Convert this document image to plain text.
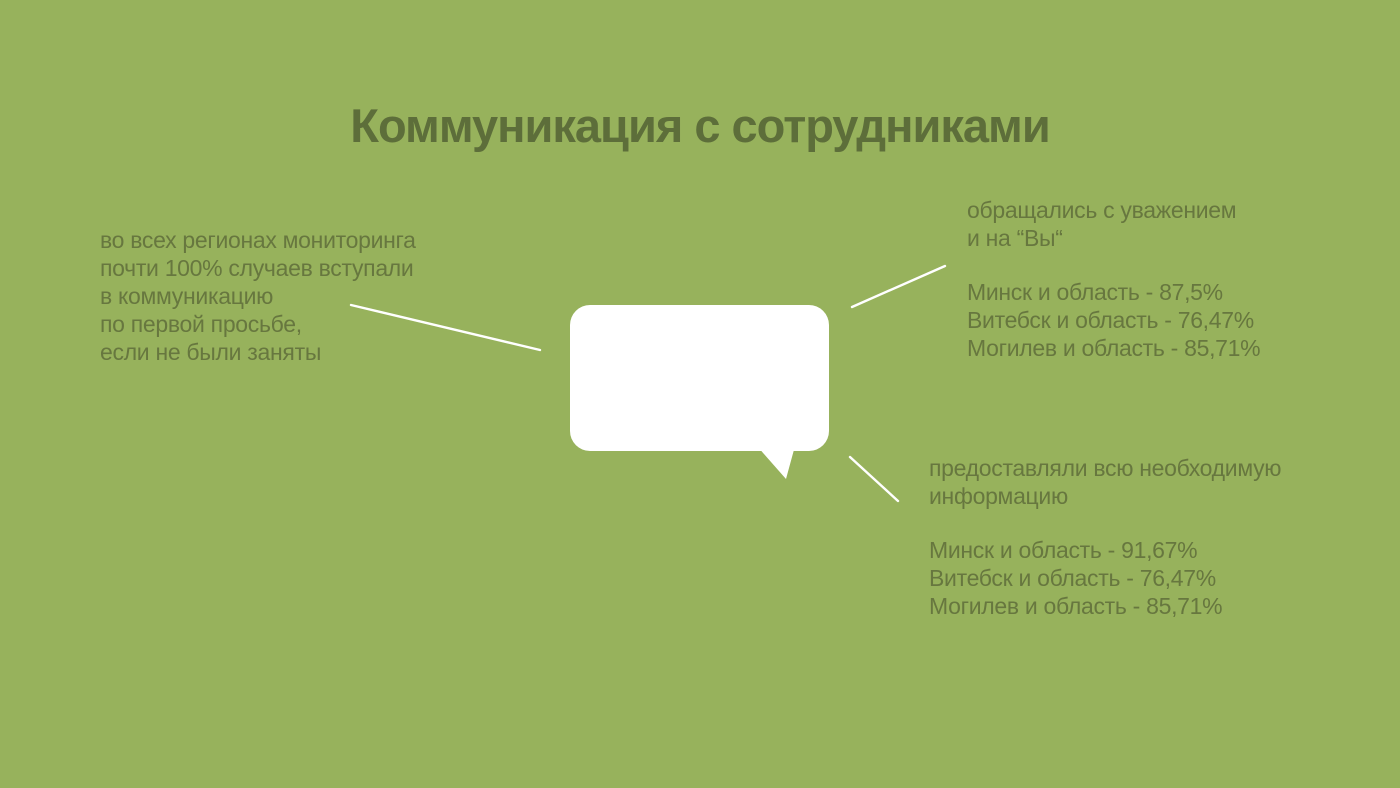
Коммуникация с сотрудниками
во всех регионах мониторинга
почти 100% случаев вступали
в коммуникацию
по первой просьбе,
если не были заняты
обращались с уважением
и на “Вы“
Минск и область - 87,5%
Витебск и область - 76,47%
Могилев и область - 85,71%
предоставляли всю необходимую
информацию
Минск и область - 91,67%
Витебск и область - 76,47%
Могилев и область - 85,71%
